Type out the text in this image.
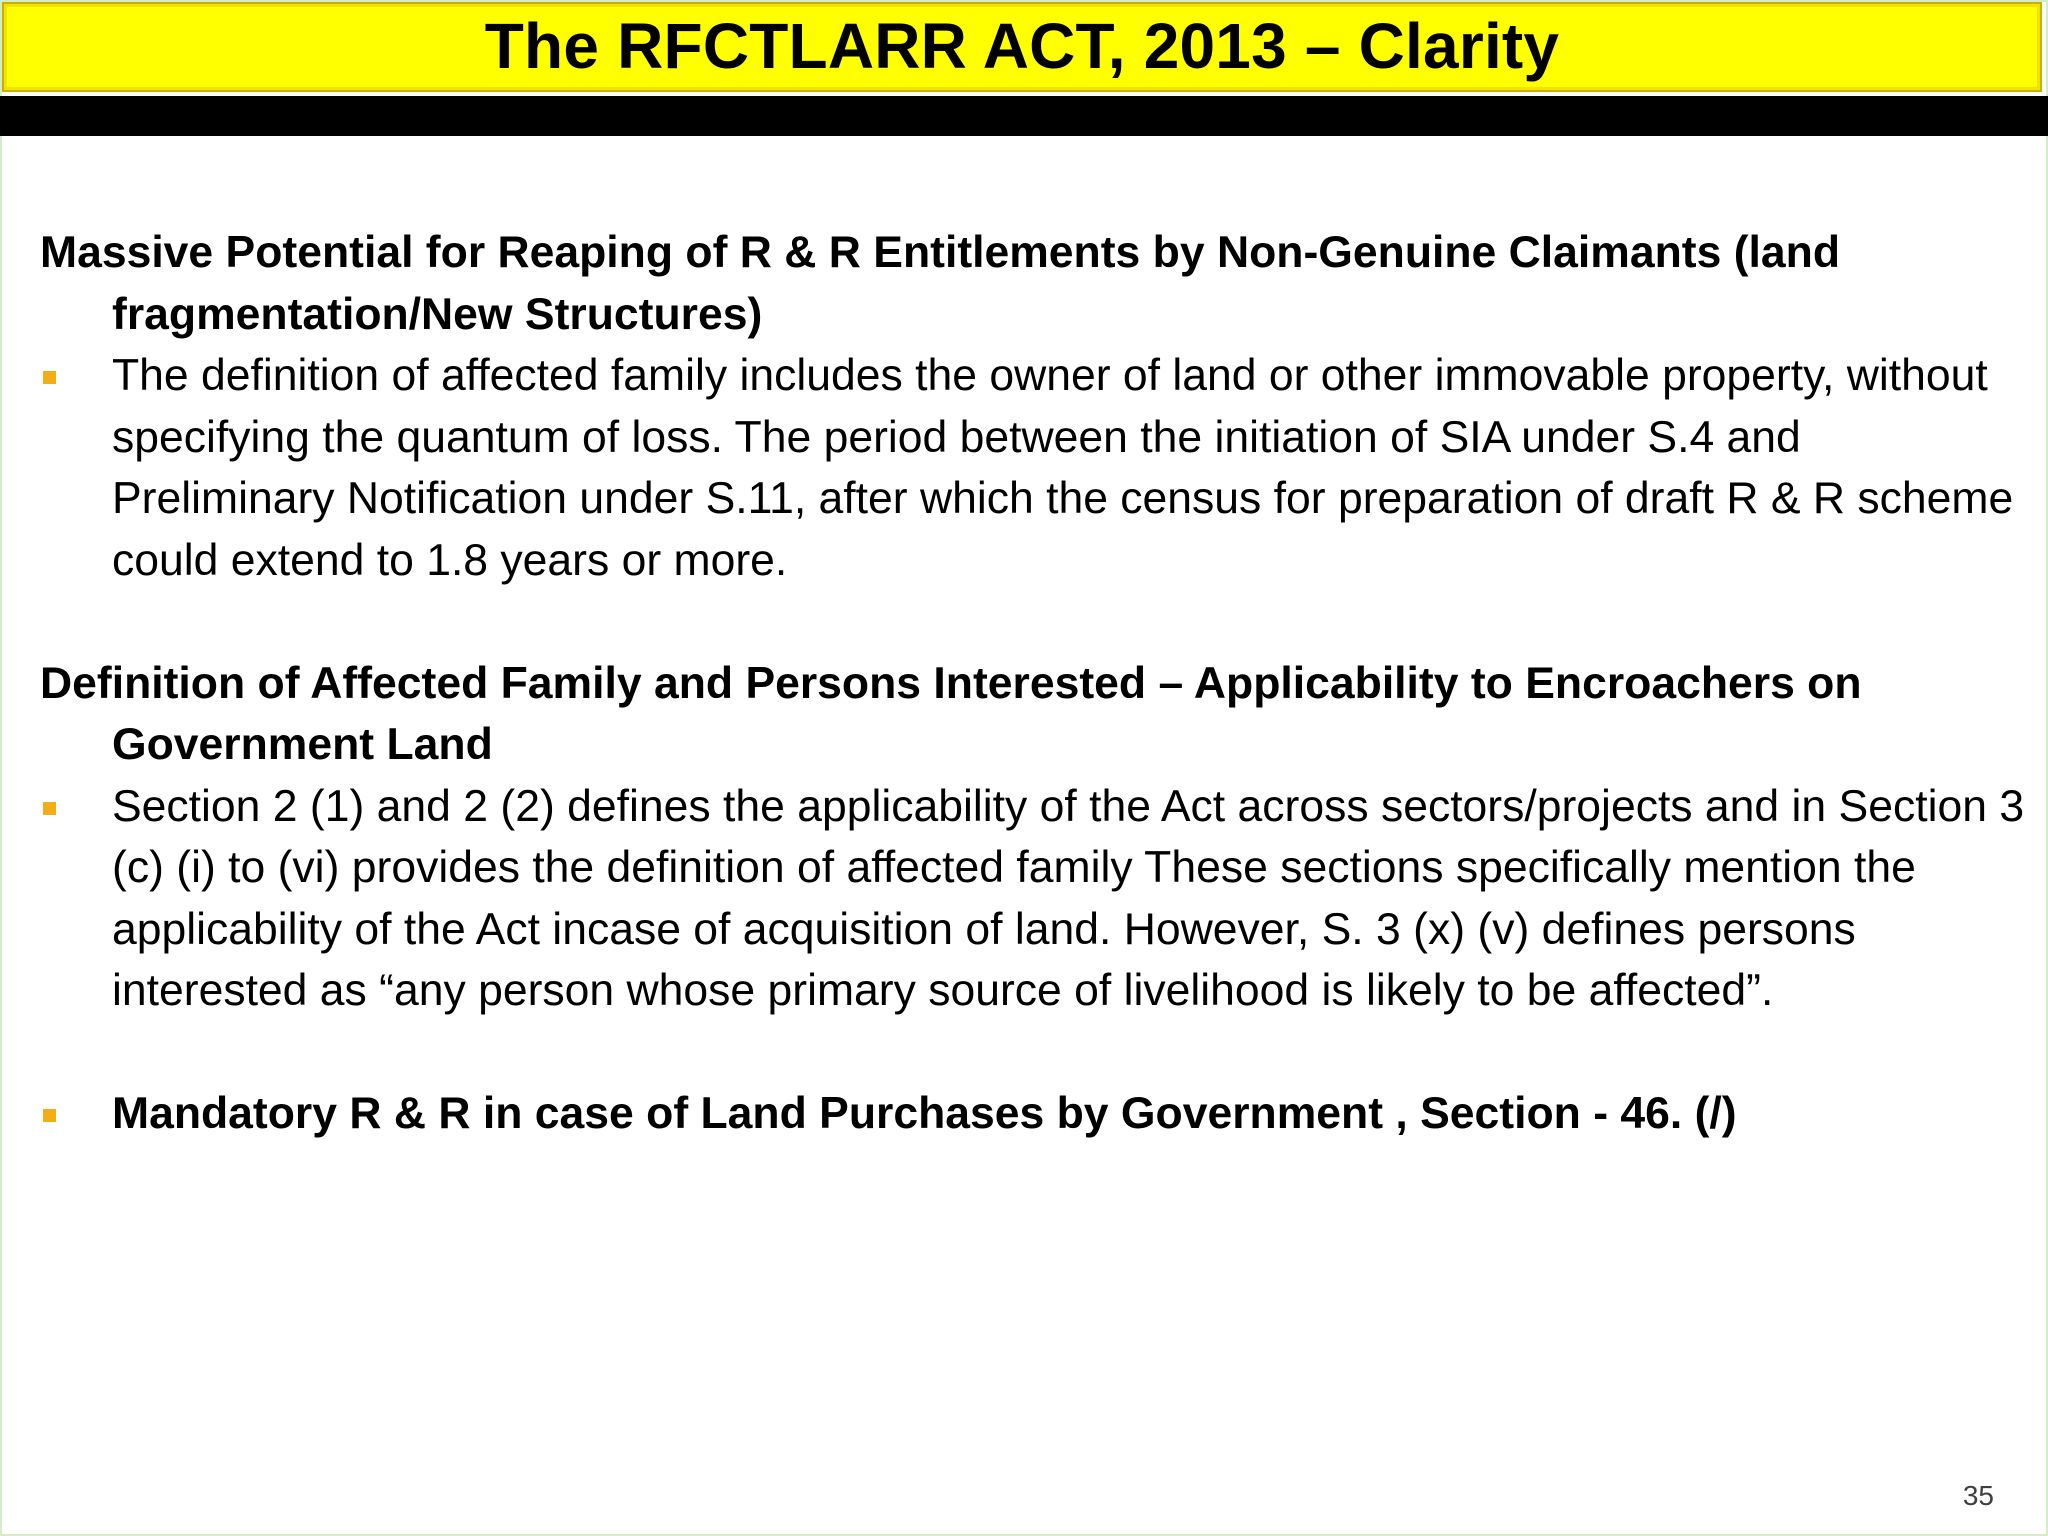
The RFCTLARR ACT, 2013 – Clarity

Massive Potential for Reaping of R & R Entitlements by Non-Genuine Claimants (land fragmentation/New Structures)

The definition of affected family includes the owner of land or other immovable property, without specifying the quantum of loss. The period between the initiation of SIA under S.4 and Preliminary Notification under S.11, after which the census for preparation of draft R & R scheme could extend to 1.8 years or more.

Definition of Affected Family and Persons Interested – Applicability to Encroachers on Government Land

Section 2 (1) and 2 (2) defines the applicability of the Act across sectors/projects and in Section 3 (c) (i) to (vi) provides the definition of affected family These sections specifically mention the applicability of the Act incase of acquisition of land. However, S. 3 (x) (v) defines persons interested as “any person whose primary source of livelihood is likely to be affected”.
Mandatory R & R in case of Land Purchases by Government , Section - 46. (/)
35
